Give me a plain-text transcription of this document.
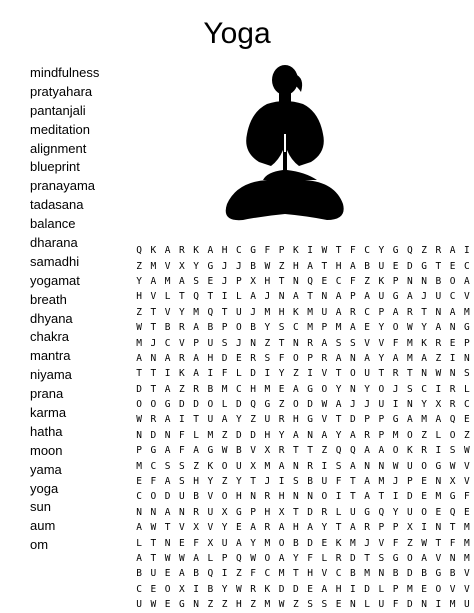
Yoga
mindfulness
pratyahara
pantanjali
meditation
alignment
blueprint
pranayama
tadasana
balance
dharana
samadhi
yogamat
breath
dhyana
chakra
mantra
niyama
prana
karma
hatha
moon
yama
yoga
sun
aum
om
Q	K	A	R	K	A	H	C	G	F	P	K	I	W	T	F	C	Y	G	Q	Z	R	A	I
Z	M	V	X	Y	G	J	J	B	W	Z	H	A	T	H	A	B	U	E	D	G	T	E	C
Y	A	M	A	S	E	J	P	X	H	T	N	Q	E	C	F	Z	K	P	N	N	B	O	A
H	V	L	T	Q	T	I	L	A	J	N	A	T	N	A	P	A	U	G	A	J	U	C	V
Z	T	V	Y	M	Q	T	U	J	M	H	K	M	U	A	R	C	P	A	R	T	N	A	M
W	T	B	R	A	B	P	O	B	Y	S	C	M	P	M	A	E	Y	O	W	Y	A	N	G
M	J	C	V	P	U	S	J	N	Z	T	N	R	A	S	S	V	V	F	M	K	R	E	P
A	N	A	R	A	H	D	E	R	S	F	O	P	R	A	N	A	Y	A	M	A	Z	I	N
T	T	I	K	A	I	F	L	D	I	Y	Z	I	V	T	O	U	T	R	T	N	W	N	S
D	T	A	Z	R	B	M	C	H	M	E	A	G	O	Y	N	Y	O	J	S	C	I	R	L
O	O	G	D	D	O	L	D	Q	G	Z	O	D	W	A	J	J	U	I	N	Y	X	R	C
W	R	A	I	T	U	A	Y	Z	U	R	H	G	V	T	D	P	P	G	A	M	A	Q	E
N	D	N	F	L	M	Z	D	D	H	Y	A	N	A	Y	A	R	P	M	O	Z	L	O	Z
P	G	A	F	A	G	W	B	V	X	R	T	T	Z	Q	Q	A	A	O	K	R	I	S	W
M	C	S	S	Z	K	O	U	X	M	A	N	R	I	S	A	N	N	W	U	O	G	W	V
E	F	A	S	H	Y	Z	Y	T	J	I	S	B	U	F	T	A	M	J	P	E	N	X	V
C	O	D	U	B	V	O	H	N	R	H	N	N	O	I	T	A	T	I	D	E	M	G	F
N	N	A	N	R	U	X	G	P	H	X	T	D	R	L	U	G	Q	Y	U	O	E	Q	E
A	W	T	V	X	V	Y	E	A	R	A	H	A	Y	T	A	R	P	P	X	I	N	T	M
L	T	N	E	F	X	U	A	Y	M	O	B	D	E	K	M	J	V	F	Z	W	T	F	M
A	T	W	W	A	L	P	Q	W	O	A	Y	F	L	R	D	T	S	G	O	A	V	N	M
B	U	E	A	B	Q	I	Z	F	C	M	T	H	V	C	B	M	N	B	D	B	G	B	V
C	E	O	X	I	B	Y	W	R	K	D	D	E	A	H	I	D	L	P	M	E	O	V	V
U	W	E	G	N	Z	Z	H	Z	M	W	Z	S	S	E	N	L	U	F	D	N	I	M	U
